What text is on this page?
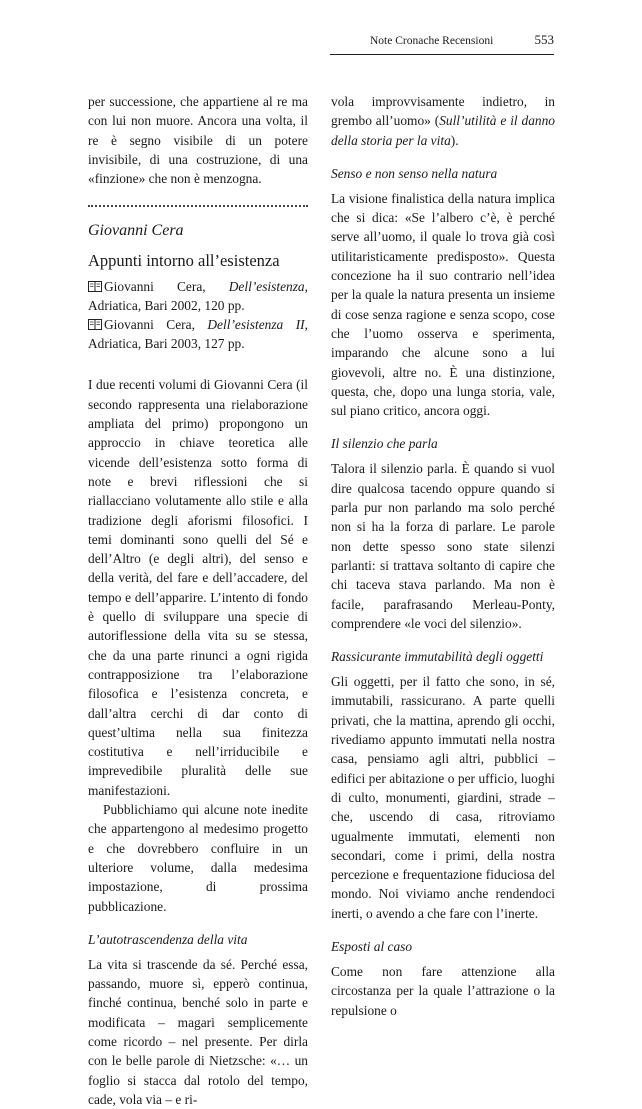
Note Cronache Recensioni	553

per successione, che appartiene al re ma con lui non muore. Ancora una volta, il re è segno visibile di un potere invisibile, di una costruzione, di una «finzione» che non è menzogna.

Giovanni Cera
Appunti intorno all’esistenza

Giovanni Cera, Dell’esistenza, Adriatica, Bari 2002, 120 pp.

Giovanni Cera, Dell’esistenza II, Adriatica, Bari 2003, 127 pp.

I due recenti volumi di Giovanni Cera (il secondo rappresenta una rielaborazione ampliata del primo) propongono un approccio in chiave teoretica alle vicende dell’esistenza sotto forma di note e brevi riflessioni che si riallacciano volutamente allo stile e alla tradizione degli aforismi filosofici. I temi dominanti sono quelli del Sé e dell’Altro (e degli altri), del senso e della verità, del fare e dell’accadere, del tempo e dell’apparire. L’intento di fondo è quello di sviluppare una specie di autoriflessione della vita su se stessa, che da una parte rinunci a ogni rigida contrapposizione tra l’elaborazione filosofica e l’esistenza concreta, e dall’altra cerchi di dar conto di quest’ultima nella sua finitezza costitutiva e nell’irriducibile e imprevedibile pluralità delle sue manifestazioni.

Pubblichiamo qui alcune note inedite che appartengono al medesimo progetto e che dovrebbero confluire in un ulteriore volume, dalla medesima impostazione, di prossima pubblicazione.

L’autotrascendenza della vita

La vita si trascende da sé. Perché essa, passando, muore sì, epperò continua, finché continua, benché solo in parte e modificata – magari semplicemente come ricordo – nel presente. Per dirla con le belle parole di Nietzsche: «… un foglio si stacca dal rotolo del tempo, cade, vola via – e ri-

vola improvvisamente indietro, in grembo all’uomo» (Sull’utilità e il danno della storia per la vita).

Senso e non senso nella natura

La visione finalistica della natura implica che si dica: «Se l’albero c’è, è perché serve all’uomo, il quale lo trova già così utilitaristicamente predisposto». Questa concezione ha il suo contrario nell’idea per la quale la natura presenta un insieme di cose senza ragione e senza scopo, cose che l’uomo osserva e sperimenta, imparando che alcune sono a lui giovevoli, altre no. È una distinzione, questa, che, dopo una lunga storia, vale, sul piano critico, ancora oggi.

Il silenzio che parla

Talora il silenzio parla. È quando si vuol dire qualcosa tacendo oppure quando si parla pur non parlando ma solo perché non si ha la forza di parlare. Le parole non dette spesso sono state silenzi parlanti: si trattava soltanto di capire che chi taceva stava parlando. Ma non è facile, parafrasando Merleau-Ponty, comprendere «le voci del silenzio».

Rassicurante immutabilità degli oggetti

Gli oggetti, per il fatto che sono, in sé, immutabili, rassicurano. A parte quelli privati, che la mattina, aprendo gli occhi, rivediamo appunto immutati nella nostra casa, pensiamo agli altri, pubblici – edifici per abitazione o per ufficio, luoghi di culto, monumenti, giardini, strade – che, uscendo di casa, ritroviamo ugualmente immutati, elementi non secondari, come i primi, della nostra percezione e frequentazione fiduciosa del mondo. Noi viviamo anche rendendoci inerti, o avendo a che fare con l’inerte.

Esposti al caso

Come non fare attenzione alla circostanza per la quale l’attrazione o la repulsione o
